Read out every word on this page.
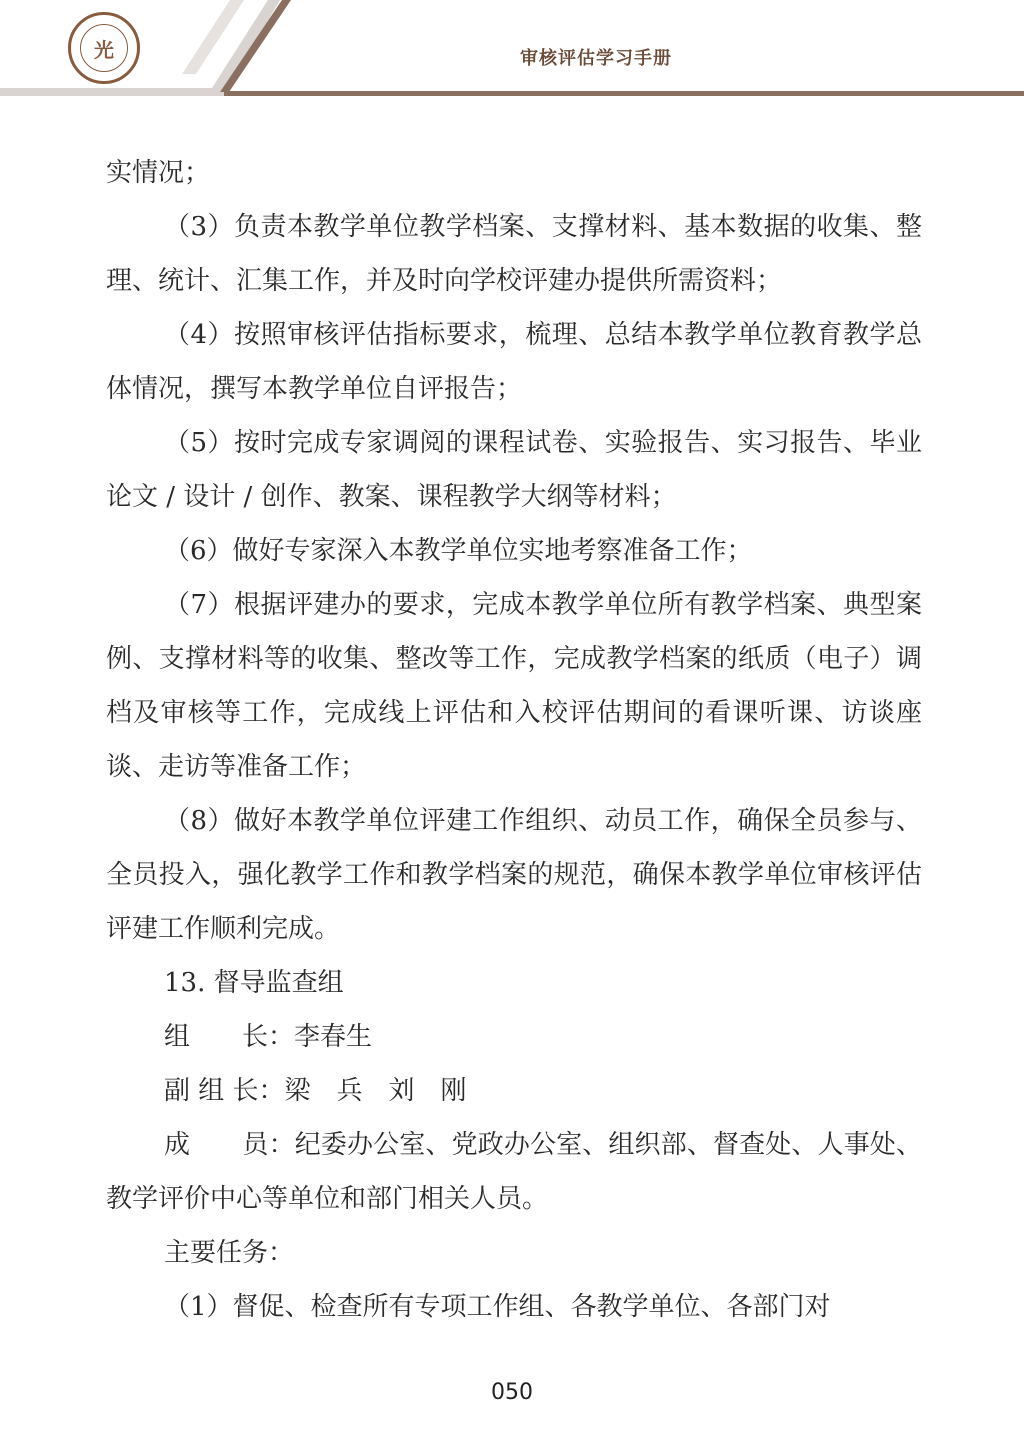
光	审核评估学习手册

实情况；

（3）负责本教学单位教学档案、支撑材料、基本数据的收集、整理、统计、汇集工作，并及时向学校评建办提供所需资料；

（4）按照审核评估指标要求，梳理、总结本教学单位教育教学总体情况，撰写本教学单位自评报告；

（5）按时完成专家调阅的课程试卷、实验报告、实习报告、毕业论文 / 设计 / 创作、教案、课程教学大纲等材料；

（6）做好专家深入本教学单位实地考察准备工作；

（7）根据评建办的要求，完成本教学单位所有教学档案、典型案例、支撑材料等的收集、整改等工作，完成教学档案的纸质（电子）调档及审核等工作，完成线上评估和入校评估期间的看课听课、访谈座谈、走访等准备工作；

（8）做好本教学单位评建工作组织、动员工作，确保全员参与、全员投入，强化教学工作和教学档案的规范，确保本教学单位审核评估评建工作顺利完成。

13. 督导监查组

组　　长：李春生

副 组 长：梁　兵　刘　刚

成　　员：纪委办公室、党政办公室、组织部、督查处、人事处、教学评价中心等单位和部门相关人员。

主要任务：

（1）督促、检查所有专项工作组、各教学单位、各部门对

050
